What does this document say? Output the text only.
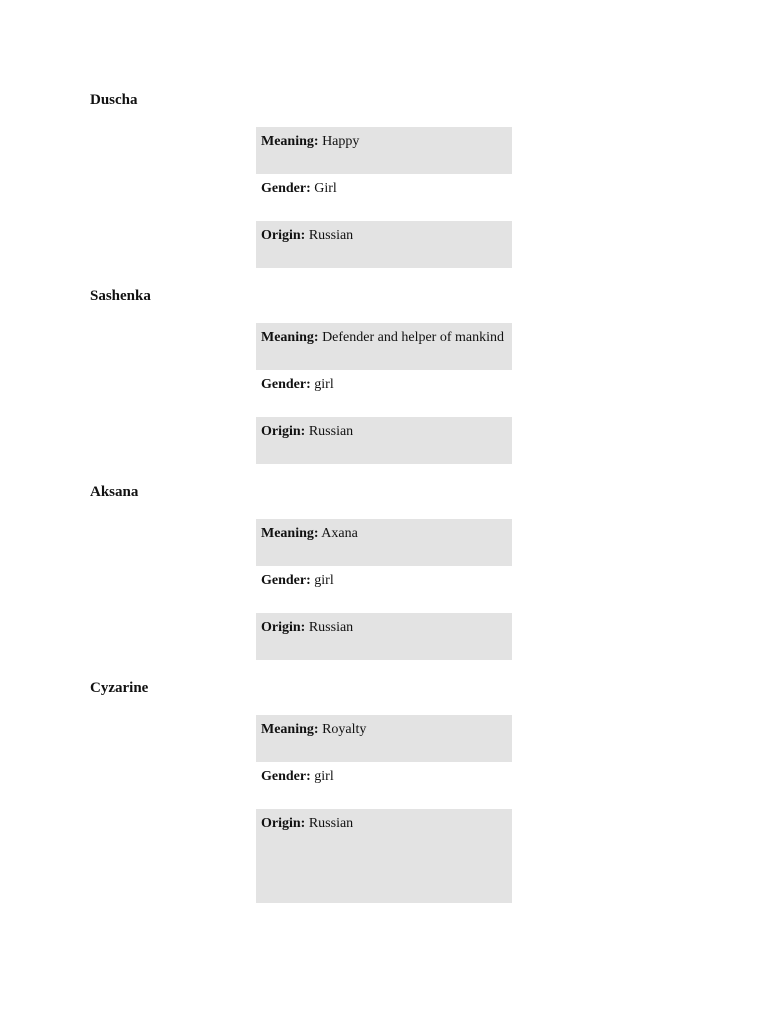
Duscha
Meaning: Happy
Gender: Girl
Origin: Russian
Sashenka
Meaning: Defender and helper of mankind
Gender: girl
Origin: Russian
Aksana
Meaning: Axana
Gender: girl
Origin: Russian
Cyzarine
Meaning: Royalty
Gender: girl
Origin: Russian
